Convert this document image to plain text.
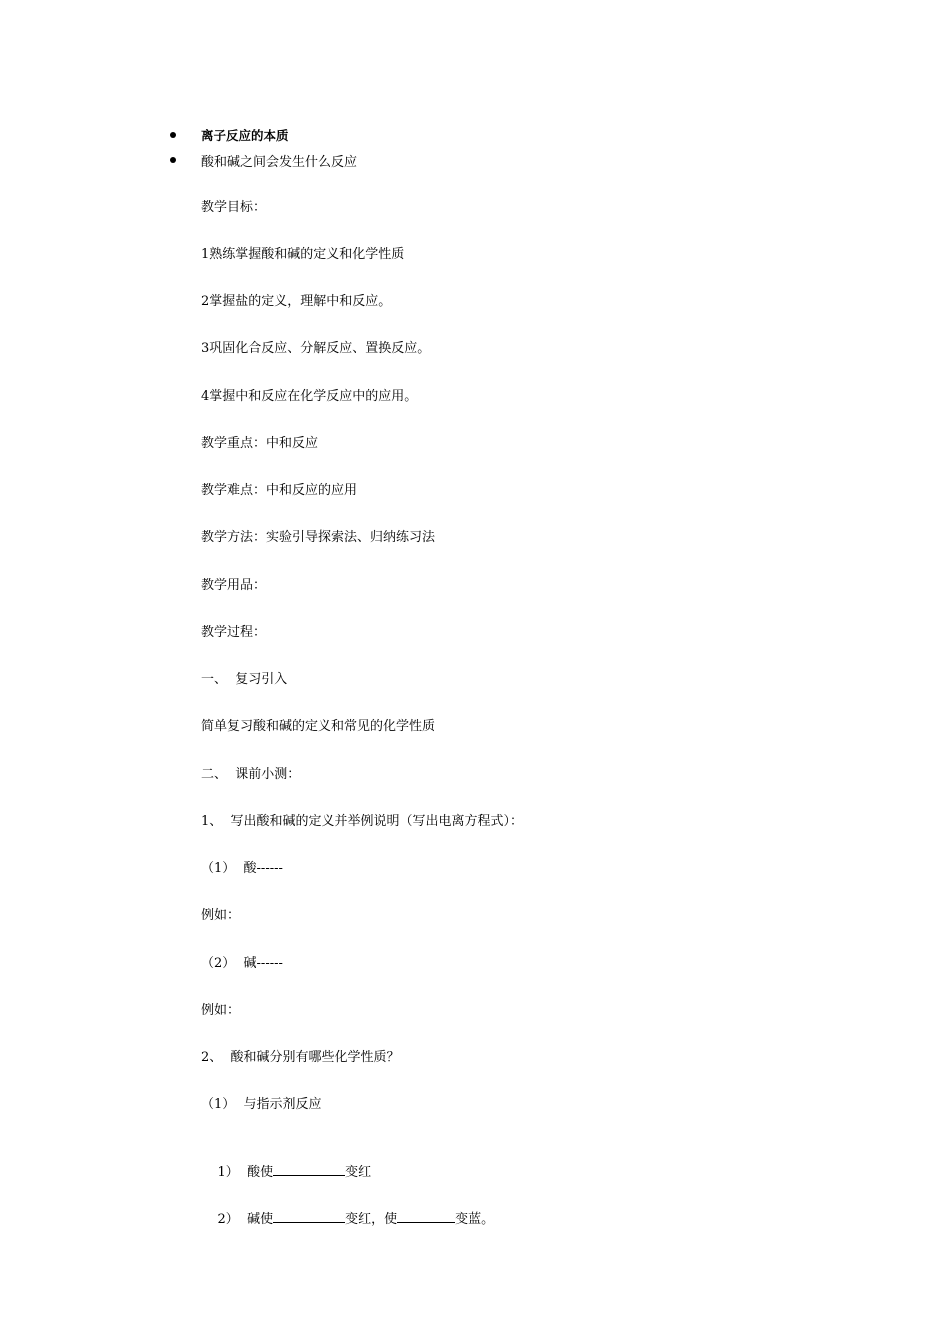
离子反应的本质
酸和碱之间会发生什么反应
教学目标：
1熟练掌握酸和碱的定义和化学性质
2掌握盐的定义，理解中和反应。
3巩固化合反应、分解反应、置换反应。
4掌握中和反应在化学反应中的应用。
教学重点：中和反应
教学难点：中和反应的应用
教学方法：实验引导探索法、归纳练习法
教学用品：
教学过程：
一、  复习引入
简单复习酸和碱的定义和常见的化学性质
二、  课前小测：
1、  写出酸和碱的定义并举例说明（写出电离方程式）：
（1）  酸------
例如：
（2）  碱------
例如：
2、  酸和碱分别有哪些化学性质？
（1）  与指示剂反应

1）  酸使	变红

2）  碱使	变红，使	变蓝。
